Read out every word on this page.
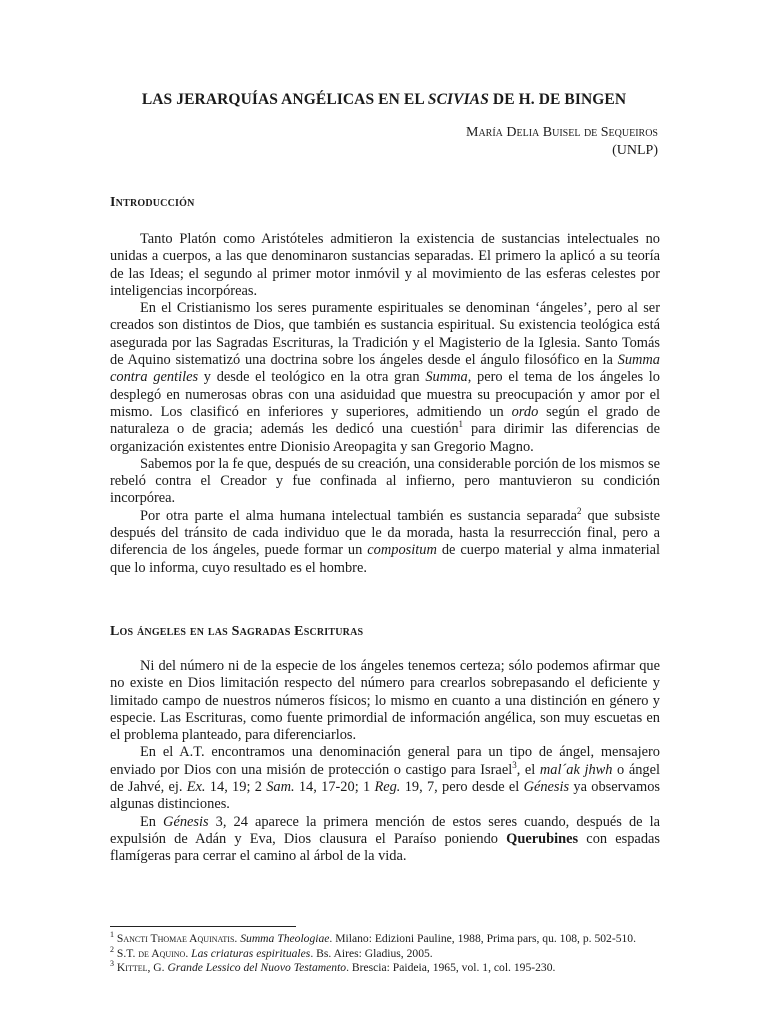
LAS JERARQUÍAS ANGÉLICAS EN EL SCIVIAS DE H. DE BINGEN
María Delia Buisel de Sequeiros
(UNLP)
Introducción

Tanto Platón como Aristóteles admitieron la existencia de sustancias intelectuales no unidas a cuerpos, a las que denominaron sustancias separadas. El primero la aplicó a su teoría de las Ideas; el segundo al primer motor inmóvil y al movimiento de las esferas celestes por inteligencias incorpóreas.

En el Cristianismo los seres puramente espirituales se denominan ‘ángeles’, pero al ser creados son distintos de Dios, que también es sustancia espiritual. Su existencia teológica está asegurada por las Sagradas Escrituras, la Tradición y el Magisterio de la Iglesia. Santo Tomás de Aquino sistematizó una doctrina sobre los ángeles desde el ángulo filosófico en la Summa contra gentiles y desde el teológico en la otra gran Summa, pero el tema de los ángeles lo desplegó en numerosas obras con una asiduidad que muestra su preocupación y amor por el mismo. Los clasificó en inferiores y superiores, admitiendo un ordo según el grado de naturaleza o de gracia; además les dedicó una cuestión$^1$ para dirimir las diferencias de organización existentes entre Dionisio Areopagita y san Gregorio Magno.

Sabemos por la fe que, después de su creación, una considerable porción de los mismos se rebeló contra el Creador y fue confinada al infierno, pero mantuvieron su condición incorpórea.

Por otra parte el alma humana intelectual también es sustancia separada$^2$ que subsiste después del tránsito de cada individuo que le da morada, hasta la resurrección final, pero a diferencia de los ángeles, puede formar un compositum de cuerpo material y alma inmaterial que lo informa, cuyo resultado es el hombre.

Los ángeles en las Sagradas Escrituras

Ni del número ni de la especie de los ángeles tenemos certeza; sólo podemos afirmar que no existe en Dios limitación respecto del número para crearlos sobrepasando el deficiente y limitado campo de nuestros números físicos; lo mismo en cuanto a una distinción en género y especie. Las Escrituras, como fuente primordial de información angélica, son muy escuetas en el problema planteado, para diferenciarlos.

En el A.T. encontramos una denominación general para un tipo de ángel, mensajero enviado por Dios con una misión de protección o castigo para Israel$^3$, el mal´ak jhwh o ángel de Jahvé, ej. Ex. 14, 19; 2 Sam. 14, 17-20; 1 Reg. 19, 7, pero desde el Génesis ya observamos algunas distinciones.

En Génesis 3, 24 aparece la primera mención de estos seres cuando, después de la expulsión de Adán y Eva, Dios clausura el Paraíso poniendo Querubines con espadas flamígeras para cerrar el camino al árbol de la vida.

$^1$ Sancti Thomae Aquinatis. Summa Theologiae. Milano: Edizioni Pauline, 1988, Prima pars, qu. 108, p. 502-510.
$^2$ S.T. de Aquino. Las criaturas espirituales. Bs. Aires: Gladius, 2005.
$^3$ Kittel, G. Grande Lessico del Nuovo Testamento. Brescia: Paideia, 1965, vol. 1, col. 195-230.
